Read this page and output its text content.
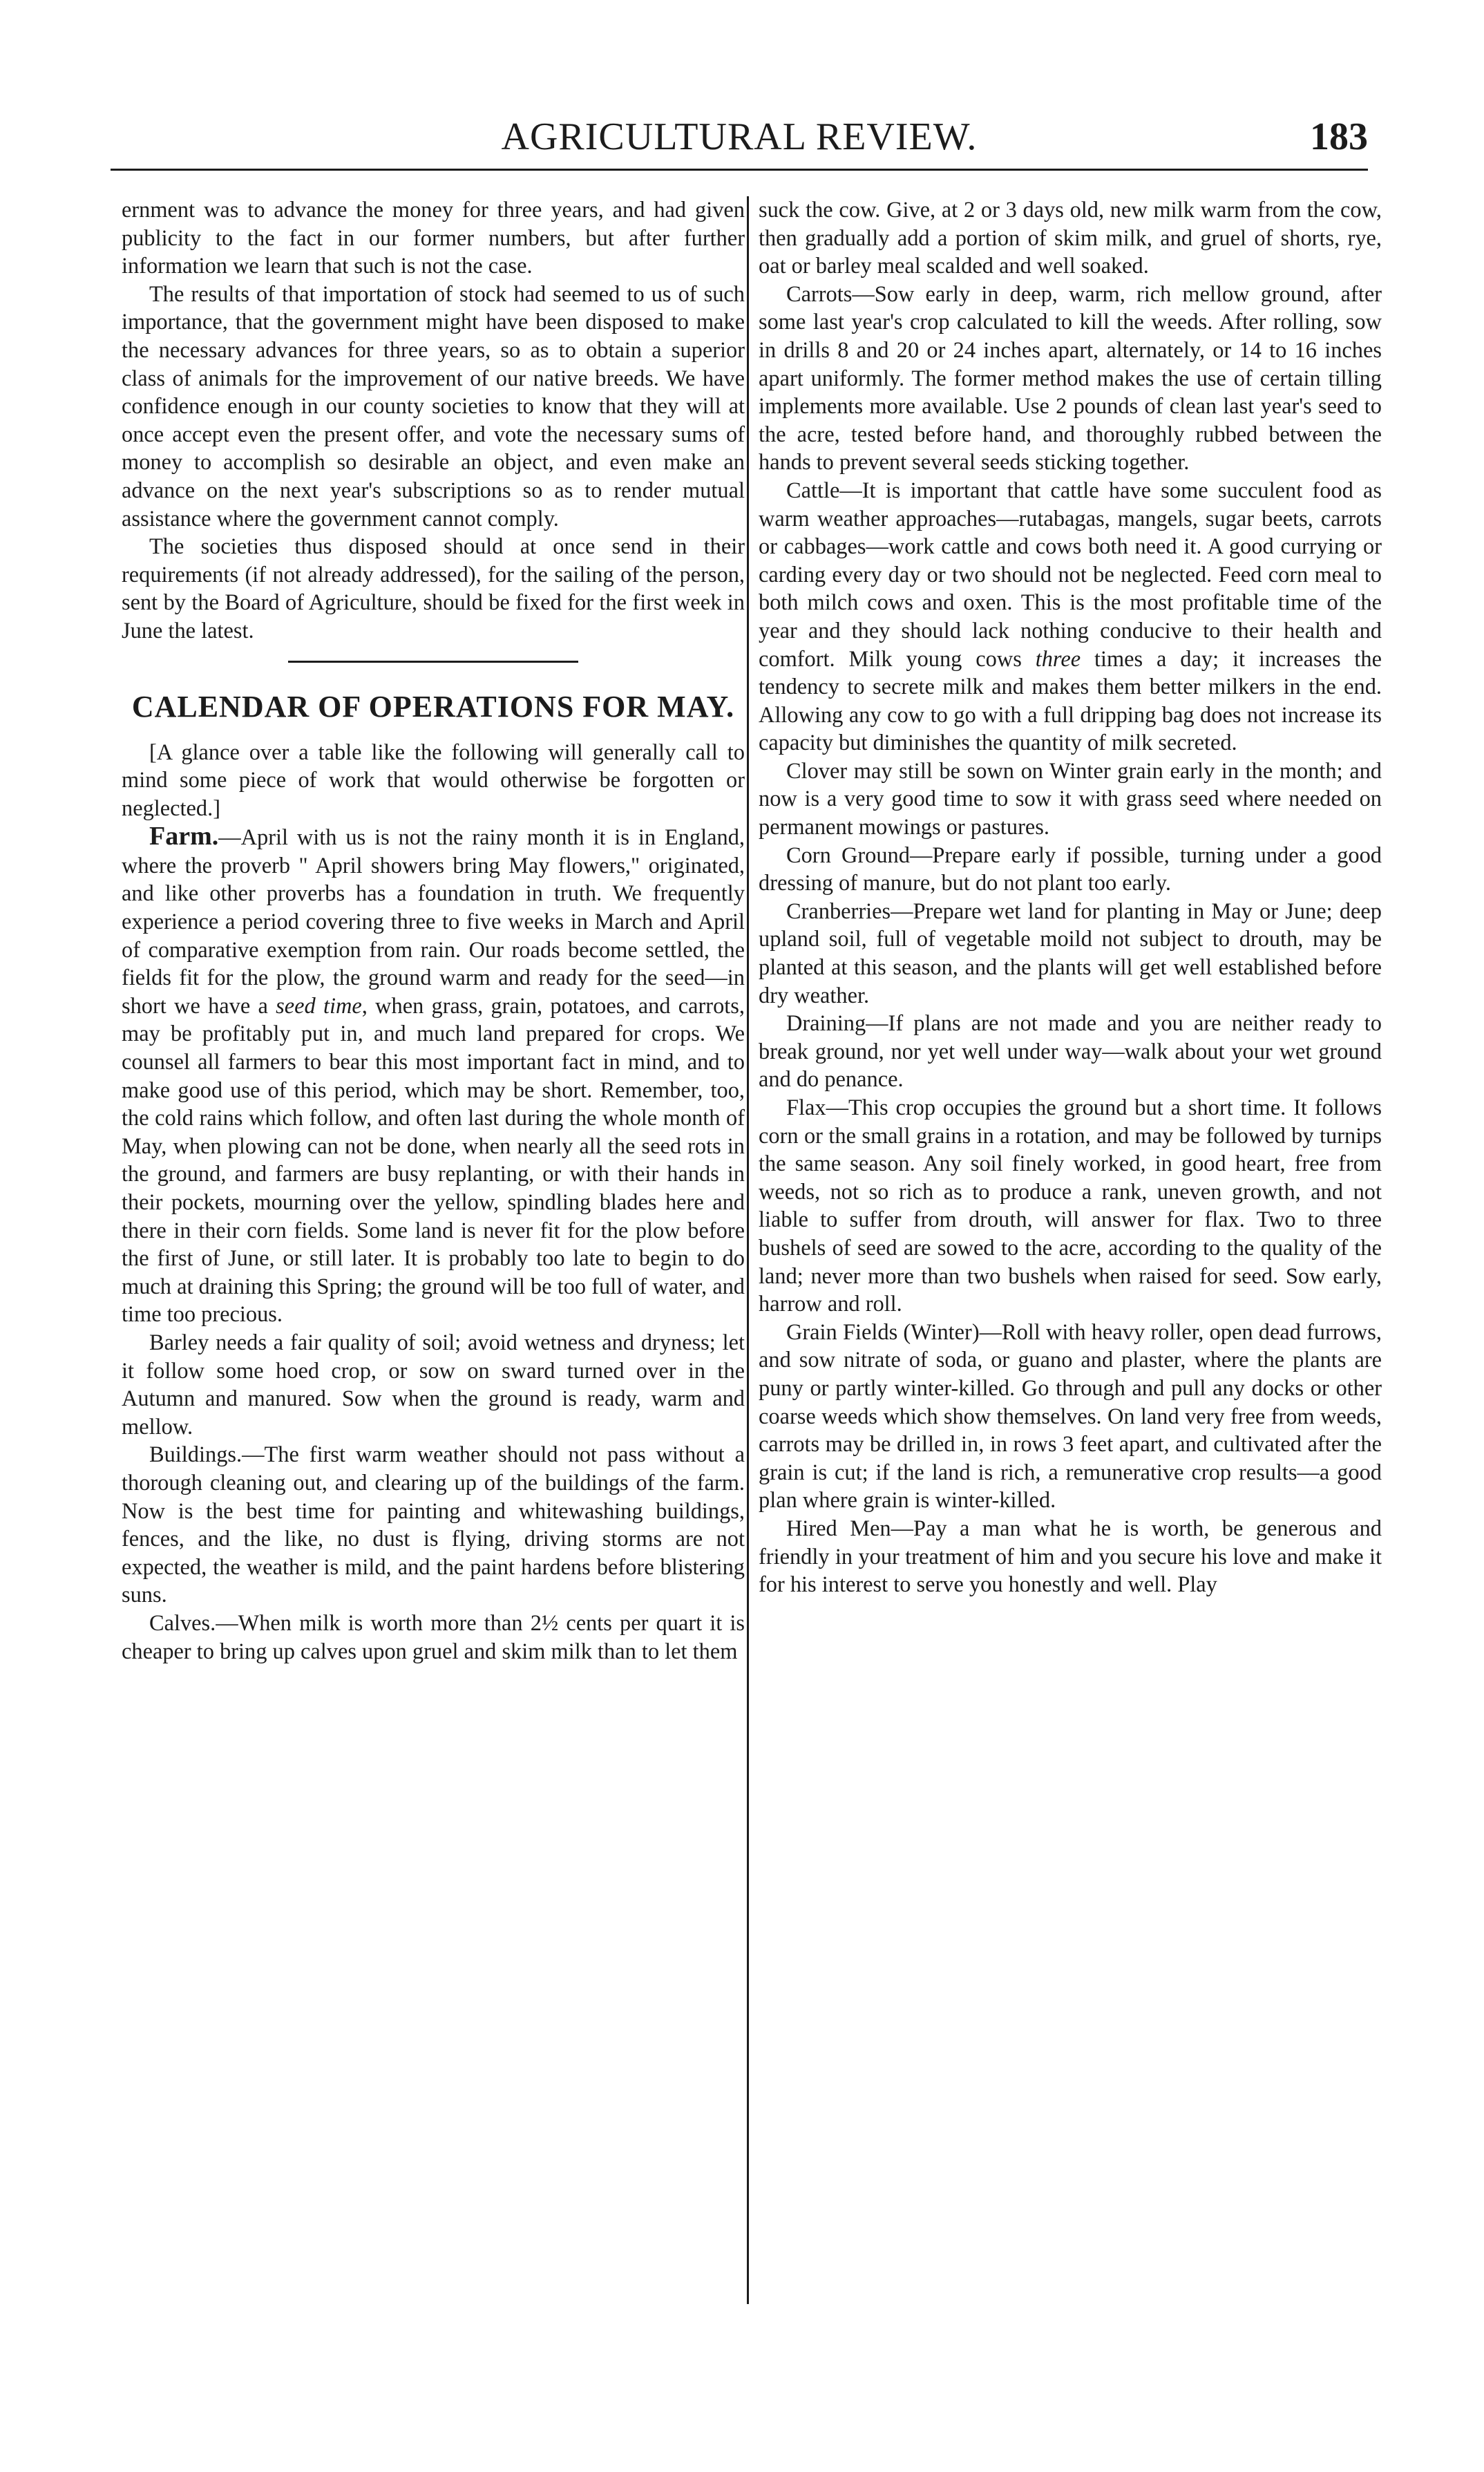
AGRICULTURAL REVIEW.	183

ernment was to advance the money for three years, and had given publicity to the fact in our former numbers, but after further information we learn that such is not the case.

The results of that importation of stock had seemed to us of such importance, that the government might have been disposed to make the necessary advances for three years, so as to obtain a superior class of animals for the improvement of our native breeds. We have confidence enough in our county societies to know that they will at once accept even the present offer, and vote the necessary sums of money to accomplish so desirable an object, and even make an advance on the next year's subscriptions so as to render mutual assistance where the government cannot comply.

The societies thus disposed should at once send in their requirements (if not already addressed), for the sailing of the person, sent by the Board of Agriculture, should be fixed for the first week in June the latest.

CALENDAR OF OPERATIONS FOR MAY.

[A glance over a table like the following will generally call to mind some piece of work that would otherwise be forgotten or neglected.]

Farm.—April with us is not the rainy month it is in England, where the proverb " April showers bring May flowers," originated, and like other proverbs has a foundation in truth. We frequently experience a period covering three to five weeks in March and April of comparative exemption from rain. Our roads become settled, the fields fit for the plow, the ground warm and ready for the seed—in short we have a seed time, when grass, grain, potatoes, and carrots, may be profitably put in, and much land prepared for crops. We counsel all farmers to bear this most important fact in mind, and to make good use of this period, which may be short. Remember, too, the cold rains which follow, and often last during the whole month of May, when plowing can not be done, when nearly all the seed rots in the ground, and farmers are busy replanting, or with their hands in their pockets, mourning over the yellow, spindling blades here and there in their corn fields. Some land is never fit for the plow before the first of June, or still later. It is probably too late to begin to do much at draining this Spring; the ground will be too full of water, and time too precious.

Barley needs a fair quality of soil; avoid wetness and dryness; let it follow some hoed crop, or sow on sward turned over in the Autumn and manured. Sow when the ground is ready, warm and mellow.

Buildings.—The first warm weather should not pass without a thorough cleaning out, and clearing up of the buildings of the farm. Now is the best time for painting and whitewashing buildings, fences, and the like, no dust is flying, driving storms are not expected, the weather is mild, and the paint hardens before blistering suns.

Calves.—When milk is worth more than 2½ cents per quart it is cheaper to bring up calves upon gruel and skim milk than to let them

suck the cow. Give, at 2 or 3 days old, new milk warm from the cow, then gradually add a portion of skim milk, and gruel of shorts, rye, oat or barley meal scalded and well soaked.

Carrots—Sow early in deep, warm, rich mellow ground, after some last year's crop calculated to kill the weeds. After rolling, sow in drills 8 and 20 or 24 inches apart, alternately, or 14 to 16 inches apart uniformly. The former method makes the use of certain tilling implements more available. Use 2 pounds of clean last year's seed to the acre, tested before hand, and thoroughly rubbed between the hands to prevent several seeds sticking together.

Cattle—It is important that cattle have some succulent food as warm weather approaches—rutabagas, mangels, sugar beets, carrots or cabbages—work cattle and cows both need it. A good currying or carding every day or two should not be neglected. Feed corn meal to both milch cows and oxen. This is the most profitable time of the year and they should lack nothing conducive to their health and comfort. Milk young cows three times a day; it increases the tendency to secrete milk and makes them better milkers in the end. Allowing any cow to go with a full dripping bag does not increase its capacity but diminishes the quantity of milk secreted.

Clover may still be sown on Winter grain early in the month; and now is a very good time to sow it with grass seed where needed on permanent mowings or pastures.

Corn Ground—Prepare early if possible, turning under a good dressing of manure, but do not plant too early.

Cranberries—Prepare wet land for planting in May or June; deep upland soil, full of vegetable moild not subject to drouth, may be planted at this season, and the plants will get well established before dry weather.

Draining—If plans are not made and you are neither ready to break ground, nor yet well under way—walk about your wet ground and do penance.

Flax—This crop occupies the ground but a short time. It follows corn or the small grains in a rotation, and may be followed by turnips the same season. Any soil finely worked, in good heart, free from weeds, not so rich as to produce a rank, uneven growth, and not liable to suffer from drouth, will answer for flax. Two to three bushels of seed are sowed to the acre, according to the quality of the land; never more than two bushels when raised for seed. Sow early, harrow and roll.

Grain Fields (Winter)—Roll with heavy roller, open dead furrows, and sow nitrate of soda, or guano and plaster, where the plants are puny or partly winter-killed. Go through and pull any docks or other coarse weeds which show themselves. On land very free from weeds, carrots may be drilled in, in rows 3 feet apart, and cultivated after the grain is cut; if the land is rich, a remunerative crop results—a good plan where grain is winter-killed.

Hired Men—Pay a man what he is worth, be generous and friendly in your treatment of him and you secure his love and make it for his interest to serve you honestly and well. Play
